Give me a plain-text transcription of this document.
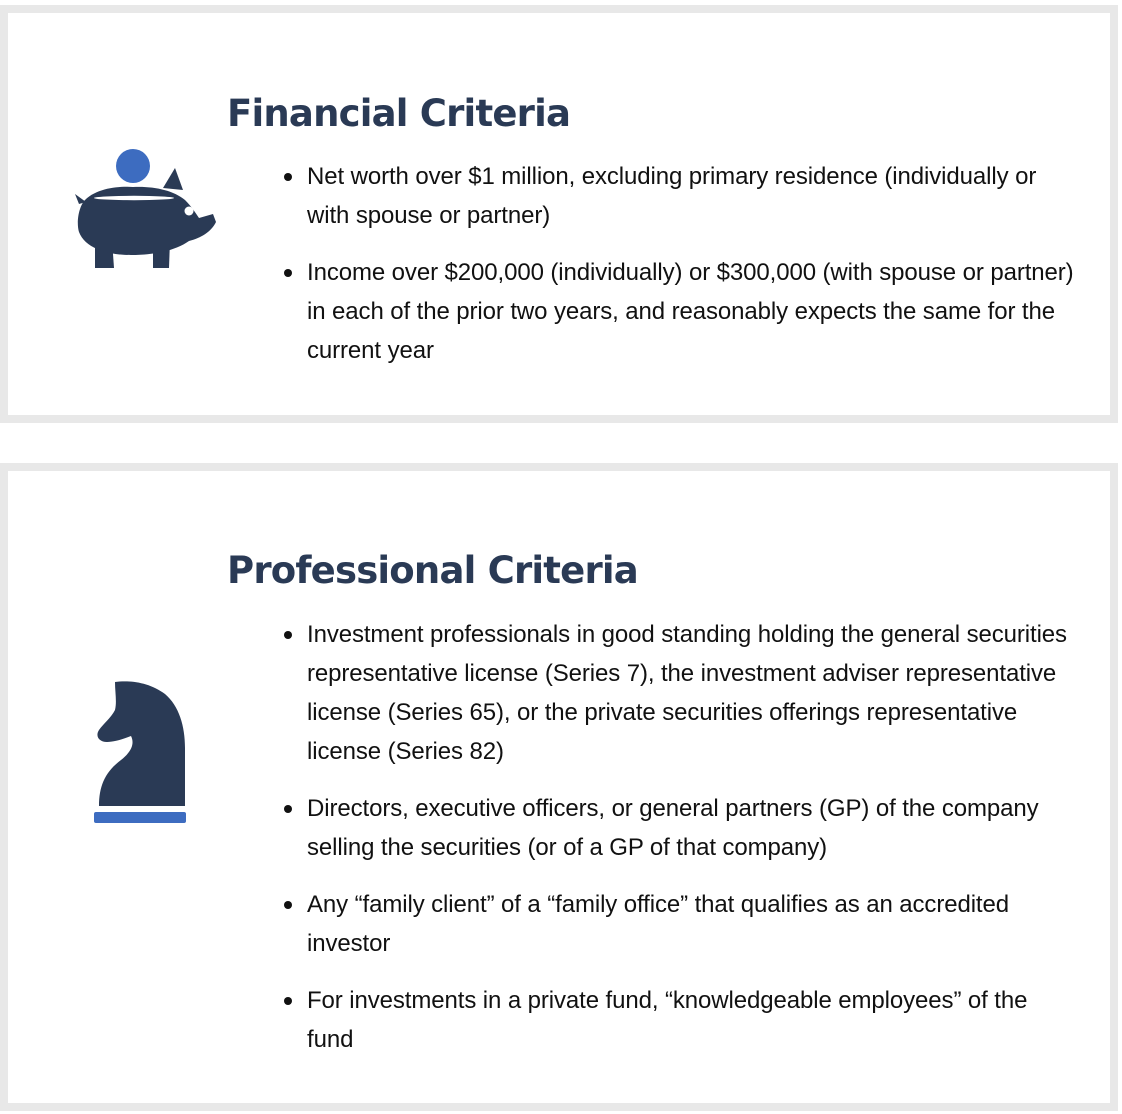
Financial Criteria
Net worth over $1 million, excluding primary residence (individually or with spouse or partner)
Income over $200,000 (individually) or $300,000 (with spouse or partner) in each of the prior two years, and reasonably expects the same for the current year
Professional Criteria
Investment professionals in good standing holding the general securities representative license (Series 7), the investment adviser representative license (Series 65), or the private securities offerings representative license (Series 82)
Directors, executive officers, or general partners (GP) of the company selling the securities (or of a GP of that company)
Any “family client” of a “family office” that qualifies as an accredited investor
For investments in a private fund, “knowledgeable employees” of the fund
